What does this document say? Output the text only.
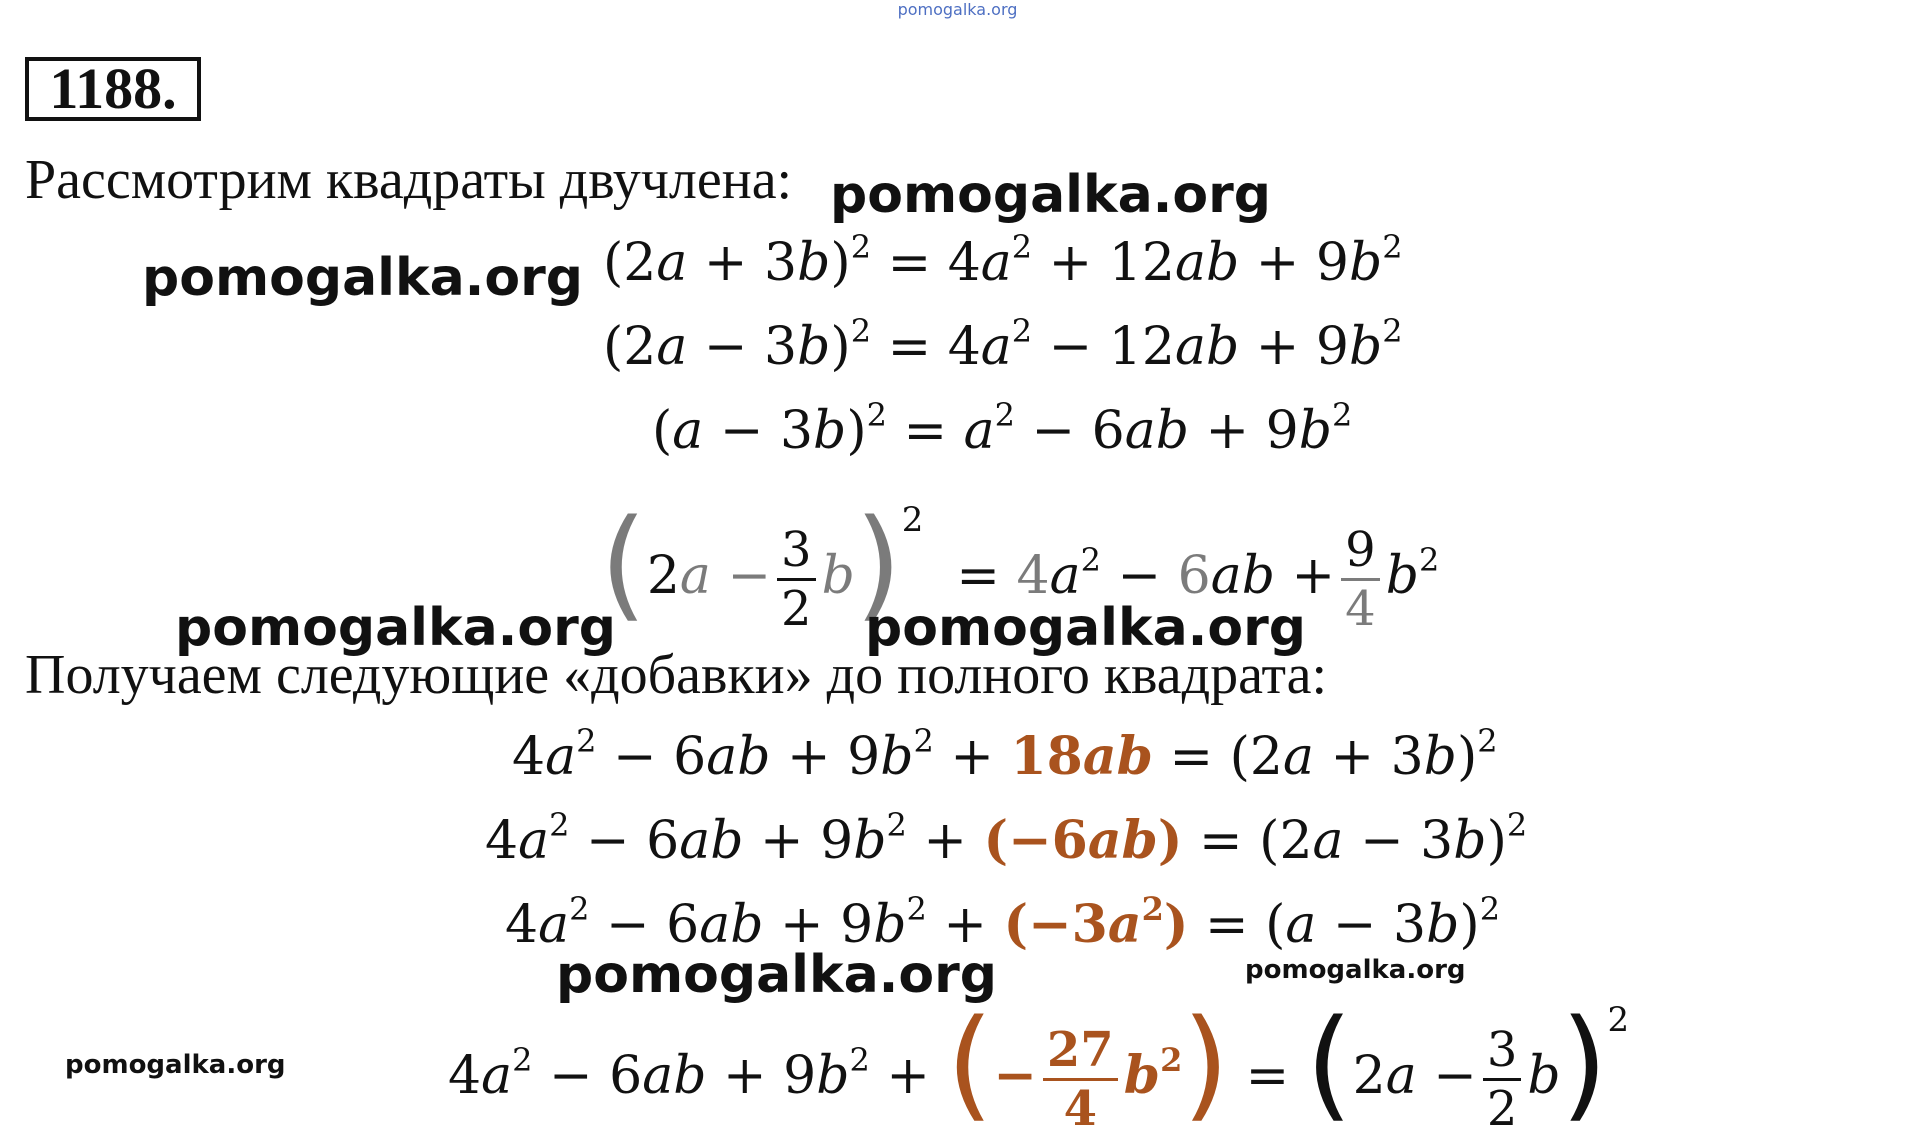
pomogalka.org
1188.
Рассмотрим квадраты двучлена: pomogalka.org
pomogalka.org
pomogalka.org	pomogalka.org
pomogalka.org	pomogalka.org
pomogalka.org
$(2a + 3b)^2 = 4a^2 + 12ab + 9b^2$
$(2a - 3b)^2 = 4a^2 - 12ab + 9b^2$
$(a - 3b)^2 = a^2 - 6ab + 9b^2$
$(2a - \frac{3}{2} b)^2 = 4a^2 - 6ab + \frac{9}{4} b^2$
Получаем следующие «добавки» до полного квадрата:
$4a^2 - 6ab + 9b^2 + 18ab = (2a + 3b)^2$
$4a^2 - 6ab + 9b^2 + (-6ab) = (2a - 3b)^2$
$4a^2 - 6ab + 9b^2 + (-3a^2) = (a - 3b)^2$
$4a^2 - 6ab + 9b^2$ + (− $\frac{27}{4} b^2) = (2a - \frac{3}{2} b)^2$
